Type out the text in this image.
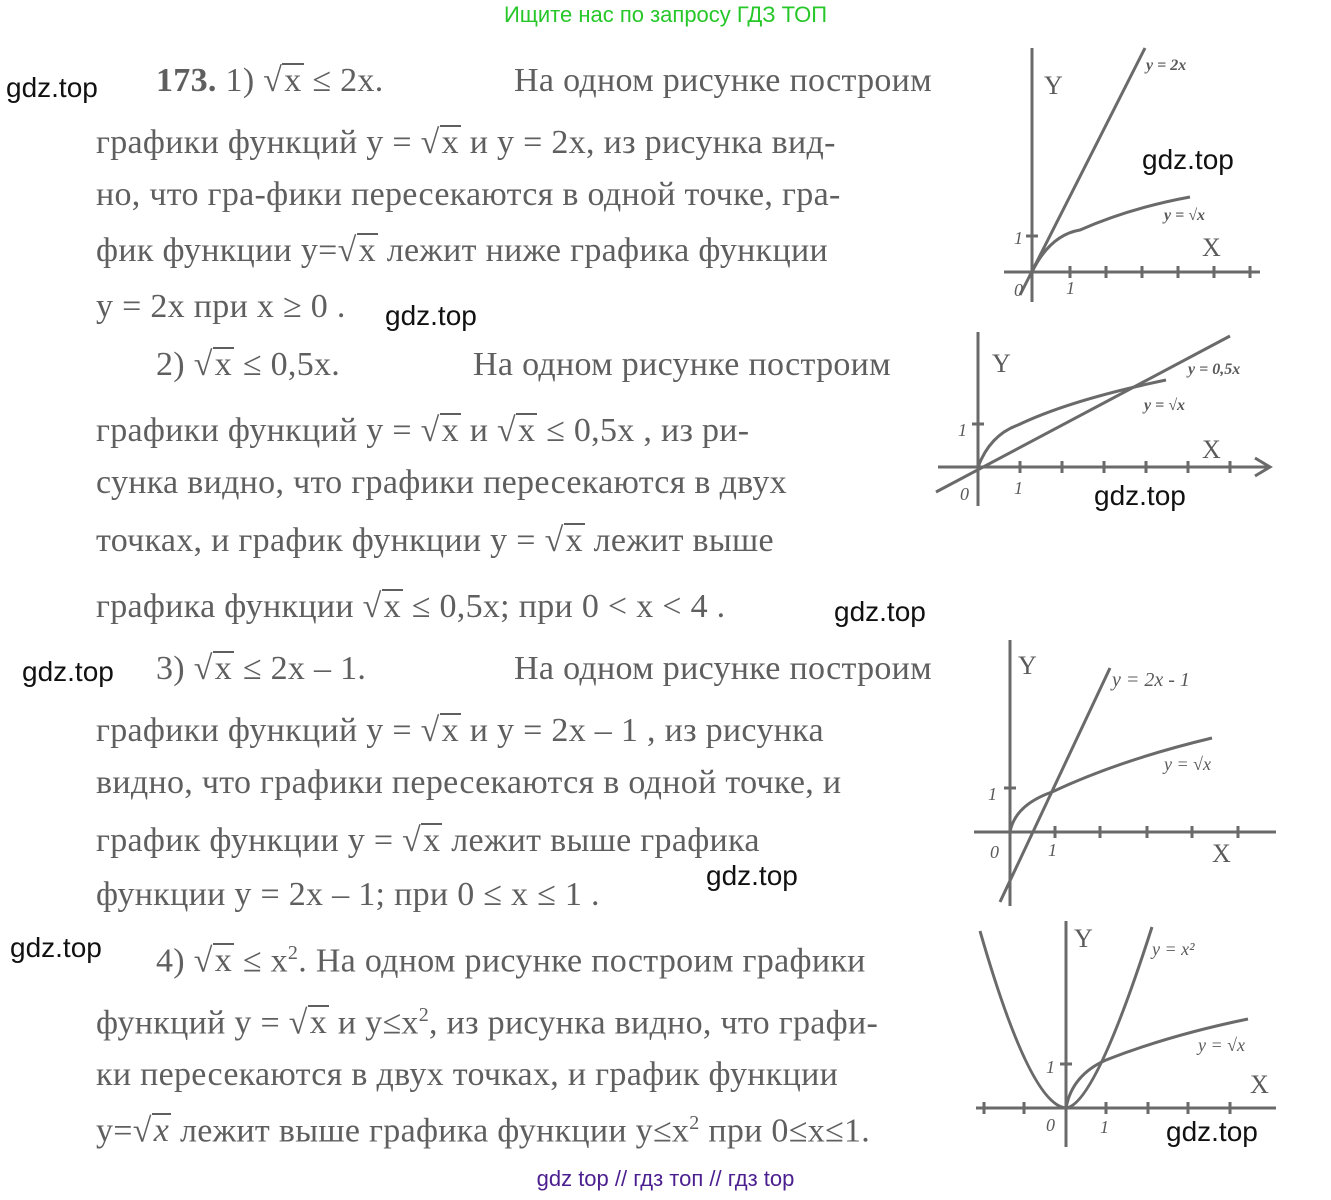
Ищите нас по запросу ГДЗ ТОП
gdz.top
gdz.top
gdz.top
gdz.top
gdz.top
gdz.top
gdz.top
gdz.top
gdz.top
173. 1) √x ≤ 2x.	На одном рисунке построим
графики функций y = √x и y = 2x, из рисунка вид-
но, что гра-фики пересекаются в одной точке, гра-
фик функции y=√x лежит ниже графика функции
y = 2x при x ≥ 0 .
2) √x ≤ 0,5x.	На одном рисунке построим
графики функций y = √x и √x ≤ 0,5x , из ри-
сунка видно, что графики пересекаются в двух
точках, и график функции y = √x лежит выше
графика функции √x ≤ 0,5x; при 0 < x < 4 .
3) √x ≤ 2x – 1.	На одном рисунке построим
графики функций y = √x и y = 2x – 1 , из рисунка
видно, что графики пересекаются в одной точке, и
график функции y = √x лежит выше графика
функции y = 2x – 1; при 0 ≤ x ≤ 1 .
4) $√x \le x^2$. На одном рисунке построим графики
функций y = √x и $y\le x^2$, из рисунка видно, что графи-
ки пересекаются в двух точках, и график функции
y=√x лежит выше графика функции $y\le x^2$ при 0≤x≤1.
Y
X
0 1
1
y = 2x
y = √x
Y
X
0	1
1
y = 0,5x
y = √x
Y
X
0	1
1
y = 2x - 1
y = √x
Y
X
0	1
1
y = x²
y = √x
gdz top // гдз топ // гдз top
